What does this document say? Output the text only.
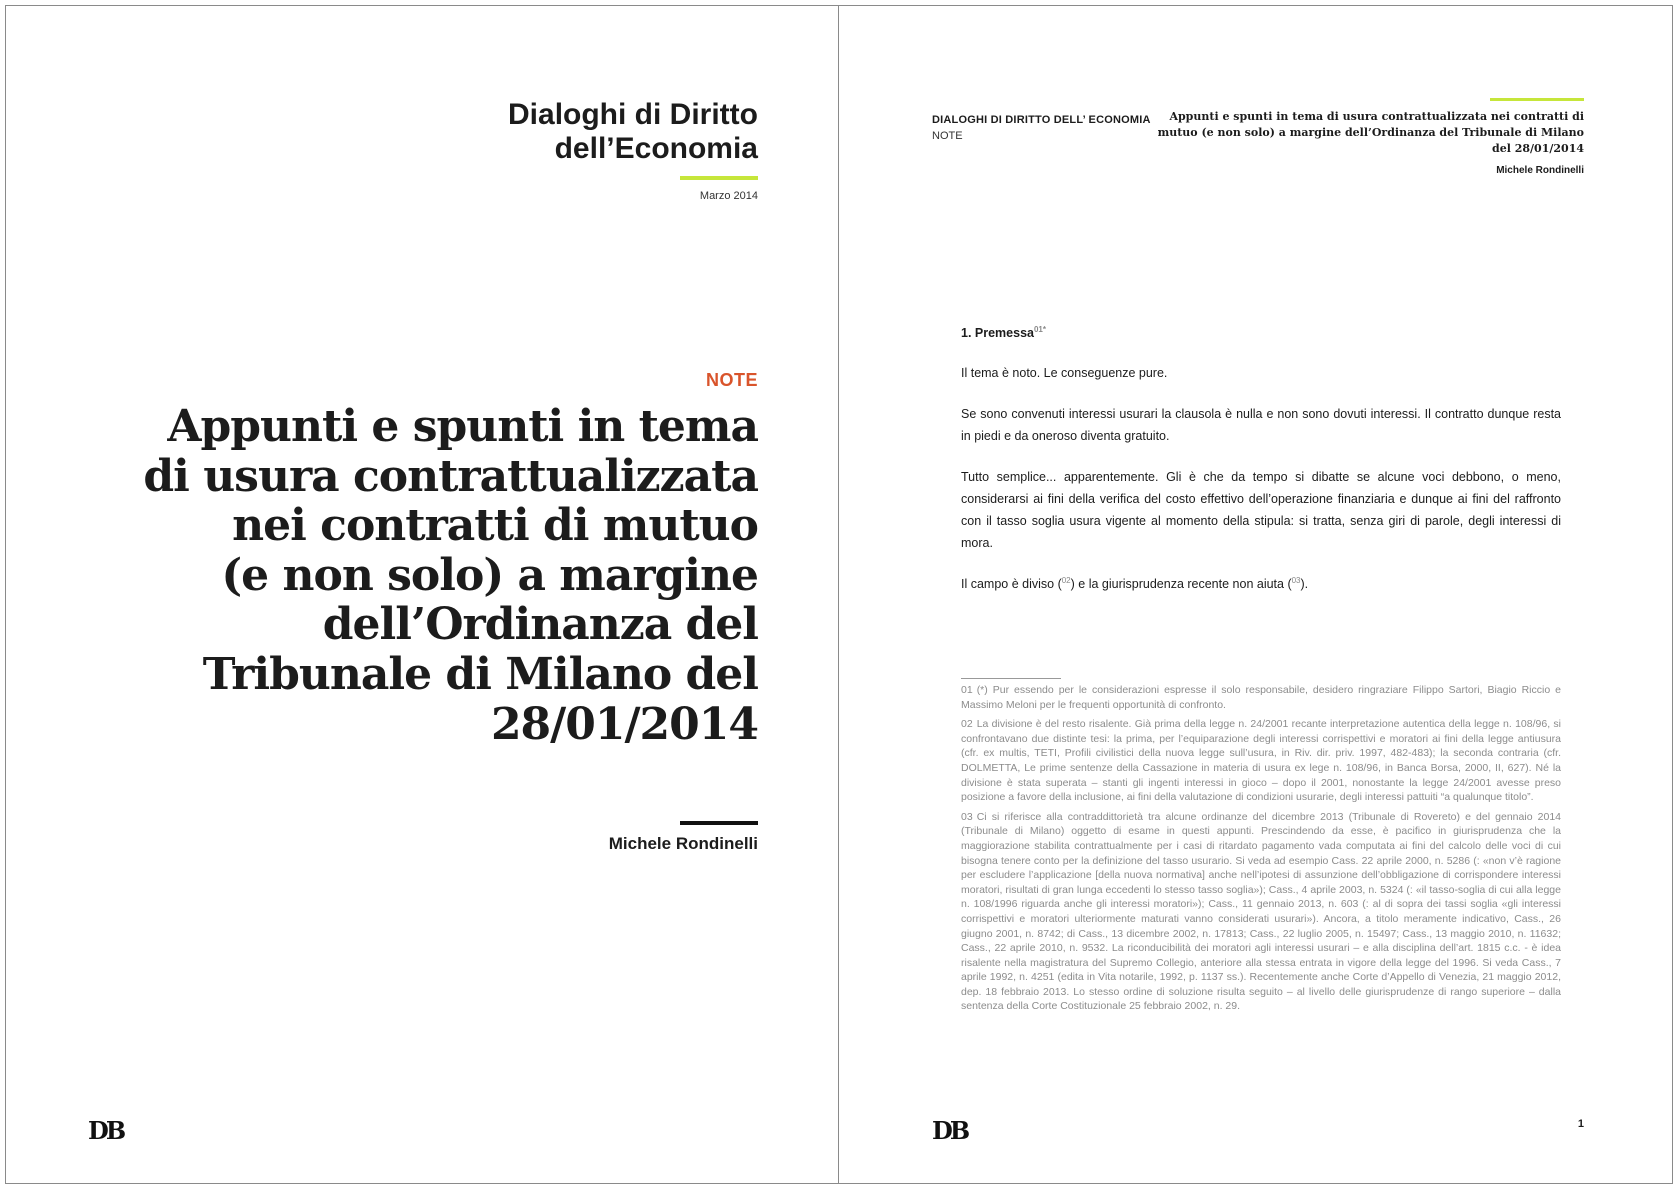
Dialoghi di Diritto
dell’Economia
Marzo 2014
NOTE
Appunti e spunti in tema
di usura contrattualizzata
nei contratti di mutuo
(e non solo) a margine
dell’Ordinanza del
Tribunale di Milano del
28/01/2014
Michele Rondinelli
DB
DIALOGHI DI DIRITTO DELL’ ECONOMIA
NOTE

Appunti e spunti in tema di usura contrattualizzata nei contratti di mutuo (e non solo) a margine dell’Ordinanza del Tribunale di Milano del 28/01/2014

Michele Rondinelli
1. Premessa$^{01*}$

Il tema è noto. Le conseguenze pure.

Se sono convenuti interessi usurari la clausola è nulla e non sono dovuti interessi. Il contratto dunque resta in piedi e da oneroso diventa gratuito.

Tutto semplice... apparentemente. Gli è che da tempo si dibatte se alcune voci debbono, o meno, considerarsi ai fini della verifica del costo effettivo dell’operazione finanziaria e dunque ai fini del raffronto con il tasso soglia usura vigente al momento della stipula: si tratta, senza giri di parole, degli interessi di mora.

Il campo è diviso ($^{02}$) e la giurisprudenza recente non aiuta ($^{03}$).

01 (*) Pur essendo per le considerazioni espresse il solo responsabile, desidero ringraziare Filippo Sartori, Biagio Riccio e Massimo Meloni per le frequenti opportunità di confronto.

02 La divisione è del resto risalente. Già prima della legge n. 24/2001 recante interpretazione autentica della legge n. 108/96, si confrontavano due distinte tesi: la prima, per l’equiparazione degli interessi corrispettivi e moratori ai fini della legge antiusura (cfr. ex multis, TETI, Profili civilistici della nuova legge sull’usura, in Riv. dir. priv. 1997, 482-483); la seconda contraria (cfr. DOLMETTA, Le prime sentenze della Cassazione in materia di usura ex lege n. 108/96, in Banca Borsa, 2000, II, 627). Né la divisione è stata superata – stanti gli ingenti interessi in gioco – dopo il 2001, nonostante la legge 24/2001 avesse preso posizione a favore della inclusione, ai fini della valutazione di condizioni usurarie, degli interessi pattuiti “a qualunque titolo”.

03 Ci si riferisce alla contraddittorietà tra alcune ordinanze del dicembre 2013 (Tribunale di Rovereto) e del gennaio 2014 (Tribunale di Milano) oggetto di esame in questi appunti. Prescindendo da esse, è pacifico in giurisprudenza che la maggiorazione stabilita contrattualmente per i casi di ritardato pagamento vada computata ai fini del calcolo delle voci di cui bisogna tenere conto per la definizione del tasso usurario. Si veda ad esempio Cass. 22 aprile 2000, n. 5286 (: «non v’è ragione per escludere l’applicazione [della nuova normativa] anche nell’ipotesi di assunzione dell’obbligazione di corrispondere interessi moratori, risultati di gran lunga eccedenti lo stesso tasso soglia»); Cass., 4 aprile 2003, n. 5324 (: «il tasso-soglia di cui alla legge n. 108/1996 riguarda anche gli interessi moratori»); Cass., 11 gennaio 2013, n. 603 (: al di sopra dei tassi soglia «gli interessi corrispettivi e moratori ulteriormente maturati vanno considerati usurari»). Ancora, a titolo meramente indicativo, Cass., 26 giugno 2001, n. 8742; di Cass., 13 dicembre 2002, n. 17813; Cass., 22 luglio 2005, n. 15497; Cass., 13 maggio 2010, n. 11632; Cass., 22 aprile 2010, n. 9532. La riconducibilità dei moratori agli interessi usurari – e alla disciplina dell’art. 1815 c.c. - è idea risalente nella magistratura del Supremo Collegio, anteriore alla stessa entrata in vigore della legge del 1996. Si veda Cass., 7 aprile 1992, n. 4251 (edita in Vita notarile, 1992, p. 1137 ss.). Recentemente anche Corte d’Appello di Venezia, 21 maggio 2012, dep. 18 febbraio 2013. Lo stesso ordine di soluzione risulta seguito – al livello delle giurisprudenze di rango superiore – dalla sentenza della Corte Costituzionale 25 febbraio 2002, n. 29.

DB	1
